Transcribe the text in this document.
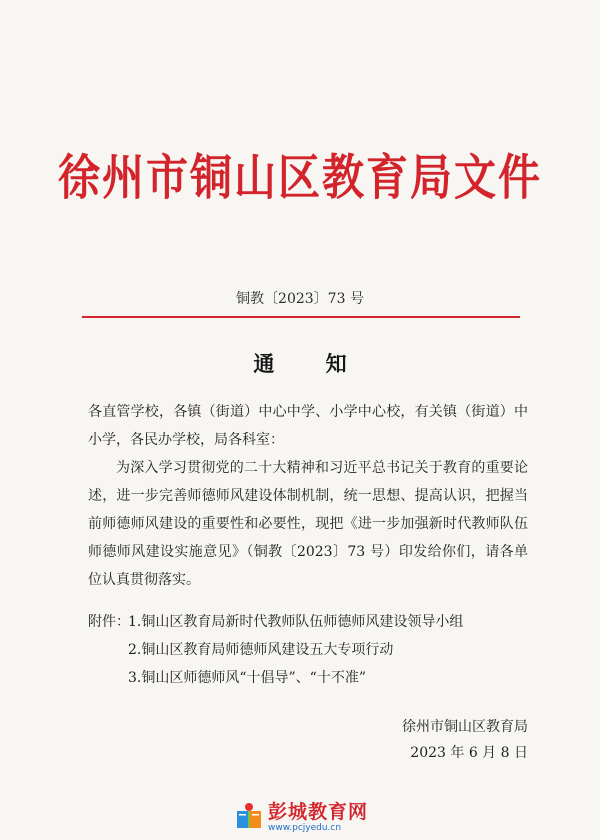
徐州市铜山区教育局文件
铜教〔2023〕73 号
通 知
各直管学校，各镇（街道）中心中学、小学中心校，有关镇（街道）中小学，各民办学校，局各科室：
为深入学习贯彻党的二十大精神和习近平总书记关于教育的重要论述，进一步完善师德师风建设体制机制，统一思想、提高认识，把握当前师德师风建设的重要性和必要性，现把《进一步加强新时代教师队伍师德师风建设实施意见》（铜教〔2023〕73 号）印发给你们，请各单位认真贯彻落实。
附件：
1.铜山区教育局新时代教师队伍师德师风建设领导小组
2.铜山区教育局师德师风建设五大专项行动
3.铜山区师德师风“十倡导”、“十不准”
徐州市铜山区教育局
2023 年 6 月 8 日
彭城教育网
www.pcjyedu.cn
